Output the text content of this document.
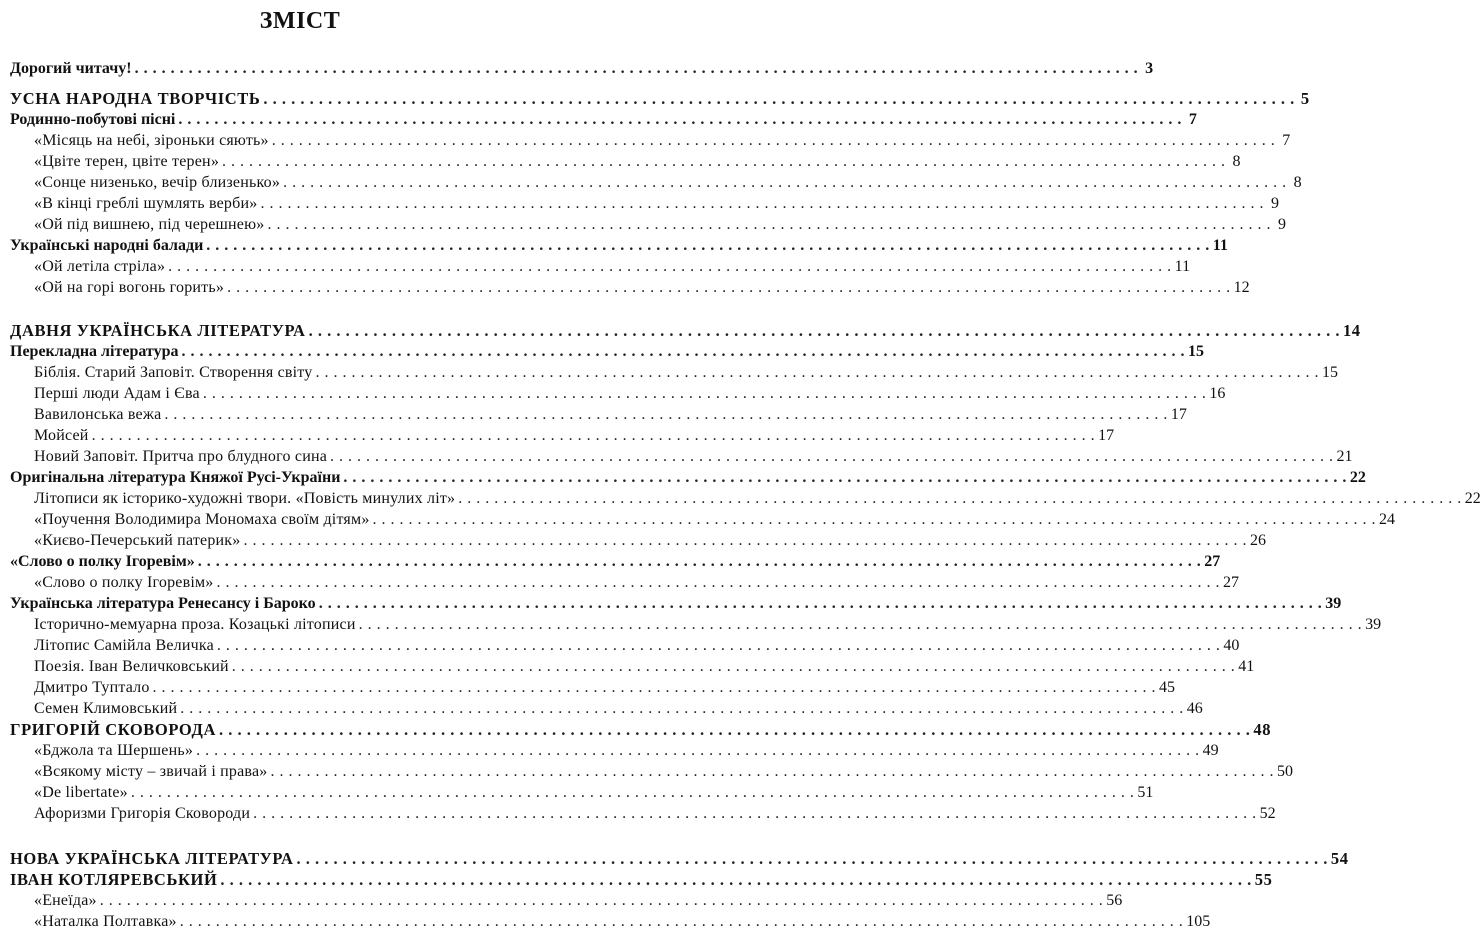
ЗМІСТ
Дорогий читачу! . . .	3
УСНА НАРОДНА ТВОРЧІСТЬ . . .	5
Родинно-побутові пісні . . .	7
«Місяць на небі, зіроньки сяють» . . .	7
«Цвіте терен, цвіте терен» . . .	8
«Сонце низенько, вечір близенько» . . .	8
«В кінці греблі шумлять верби» . . .	9
«Ой під вишнею, під черешнею» . . .	9
Українські народні балади . . .	11
«Ой летіла стріла» . . .	11
«Ой на горі вогонь горить» . . .	12
ДАВНЯ УКРАЇНСЬКА ЛІТЕРАТУРА . . .	14
Перекладна література . . .	15
Біблія. Старий Заповіт. Створення світу . . .	15
Перші люди Адам і Єва . . .	16
Вавилонська вежа . . .	17
Мойсей . . .	17
Новий Заповіт. Притча про блудного сина . . .	21
Оригінальна література Княжої Русі-України . . .	22
Літописи як історико-художні твори. «Повість минулих літ» . . .	22
«Поучення Володимира Мономаха своїм дітям» . . .	24
«Києво-Печерський патерик» . . .	26
«Слово о полку Ігоревім» . . .	27
«Слово о полку Ігоревім» . . .	27
Українська література Ренесансу і Бароко . . .	39
Історично-мемуарна проза. Козацькі літописи . . .	39
Літопис Самійла Величка . . .	40
Поезія. Іван Величковський . . .	41
Дмитро Туптало . . .	45
Семен Климовський . . .	46
ГРИГОРІЙ СКОВОРОДА . . .	48
«Бджола та Шершень» . . .	49
«Всякому місту – звичай і права» . . .	50
«De libertate» . . .	51
Афоризми Григорія Сковороди . . .	52
НОВА УКРАЇНСЬКА ЛІТЕРАТУРА . . .	54
ІВАН КОТЛЯРЕВСЬКИЙ . . .	55
«Енеїда» . . .	56
«Наталка Полтавка» . . .	105
